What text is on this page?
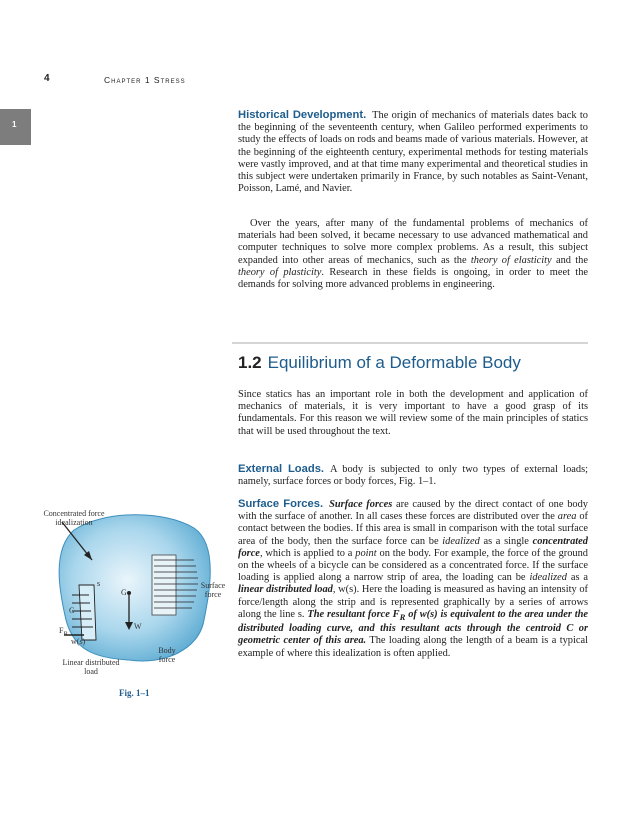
4	Chapter 1 Stress
1

Historical Development. The origin of mechanics of materials dates back to the beginning of the seventeenth century, when Galileo performed experiments to study the effects of loads on rods and beams made of various materials. However, at the beginning of the eighteenth century, experimental methods for testing materials were vastly improved, and at that time many experimental and theoretical studies in this subject were undertaken primarily in France, by such notables as Saint-Venant, Poisson, Lamé, and Navier.

Over the years, after many of the fundamental problems of mechanics of materials had been solved, it became necessary to use advanced mathematical and computer techniques to solve more complex problems. As a result, this subject expanded into other areas of mechanics, such as the theory of elasticity and the theory of plasticity. Research in these fields is ongoing, in order to meet the demands for solving more advanced problems in engineering.

1.2 Equilibrium of a Deformable Body

Since statics has an important role in both the development and application of mechanics of materials, it is very important to have a good grasp of its fundamentals. For this reason we will review some of the main principles of statics that will be used throughout the text.

External Loads. A body is subjected to only two types of external loads; namely, surface forces or body forces, Fig. 1–1.

Surface Forces. Surface forces are caused by the direct contact of one body with the surface of another. In all cases these forces are distributed over the area of contact between the bodies. If this area is small in comparison with the total surface area of the body, then the surface force can be idealized as a single concentrated force, which is applied to a point on the body. For example, the force of the ground on the wheels of a bicycle can be considered as a concentrated force. If the surface loading is applied along a narrow strip of area, the loading can be idealized as a linear distributed load, w(s). Here the loading is measured as having an intensity of force/length along the strip and is represented graphically by a series of arrows along the line s. The resultant force $F_R$ of w(s) is equivalent to the area under the distributed loading curve, and this resultant acts through the centroid C or geometric center of this area. The loading along the length of a beam is a typical example of where this idealization is often applied.

Concentrated force idealization
Surface force
Body force
Linear distributed load
G
W
C
s
$F_R$
w(s)
Fig. 1–1
